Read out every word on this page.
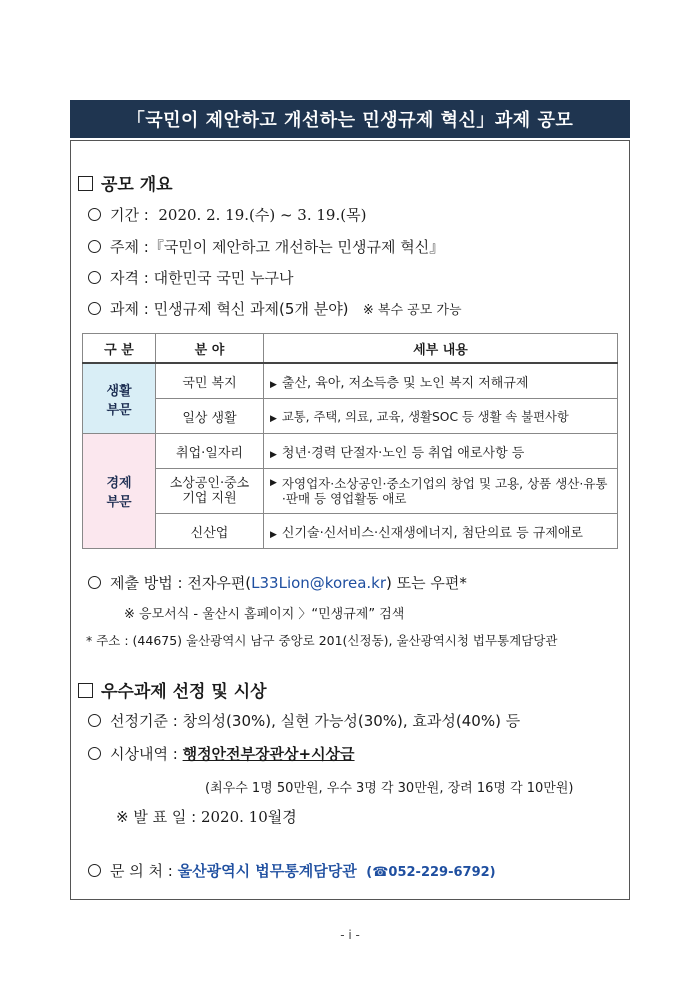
「국민이 제안하고 개선하는 민생규제 혁신」과제 공모
공모 개요
기간 : 2020. 2. 19.(수) ~ 3. 19.(목)
주제 :『국민이 제안하고 개선하는 민생규제 혁신』
자격 : 대한민국 국민 누구나
과제 : 민생규제 혁신 과제(5개 분야) ※ 복수 공모 가능
구 분	분 야	세부 내용
생활
부문	국민 복지	▶ 출산, 육아, 저소득층 및 노인 복지 저해규제
	일상 생활	▶ 교통, 주택, 의료, 교육, 생활SOC 등 생활 속 불편사항
경제
부문	취업·일자리	▶ 청년·경력 단절자·노인 등 취업 애로사항 등
	소상공인·중소
기업 지원	▶ 자영업자·소상공인·중소기업의 창업 및 고용, 상품 생산·유통·판매 등 영업활동 애로

	신산업	▶ 신기술·신서비스·신재생에너지, 첨단의료 등 규제애로
제출 방법 : 전자우편(L33Lion@korea.kr) 또는 우편*
※ 응모서식 - 울산시 홈페이지 〉“민생규제” 검색
* 주소 : (44675) 울산광역시 남구 중앙로 201(신정동), 울산광역시청 법무통계담당관
우수과제 선정 및 시상
선정기준 : 창의성(30%), 실현 가능성(30%), 효과성(40%) 등
시상내역 : 행정안전부장관상+시상금
(최우수 1명 50만원, 우수 3명 각 30만원, 장려 16명 각 10만원)
※ 발 표 일 : 2020. 10월경
문 의 처 : 울산광역시 법무통계담당관 (☎052-229-6792)
- i -
